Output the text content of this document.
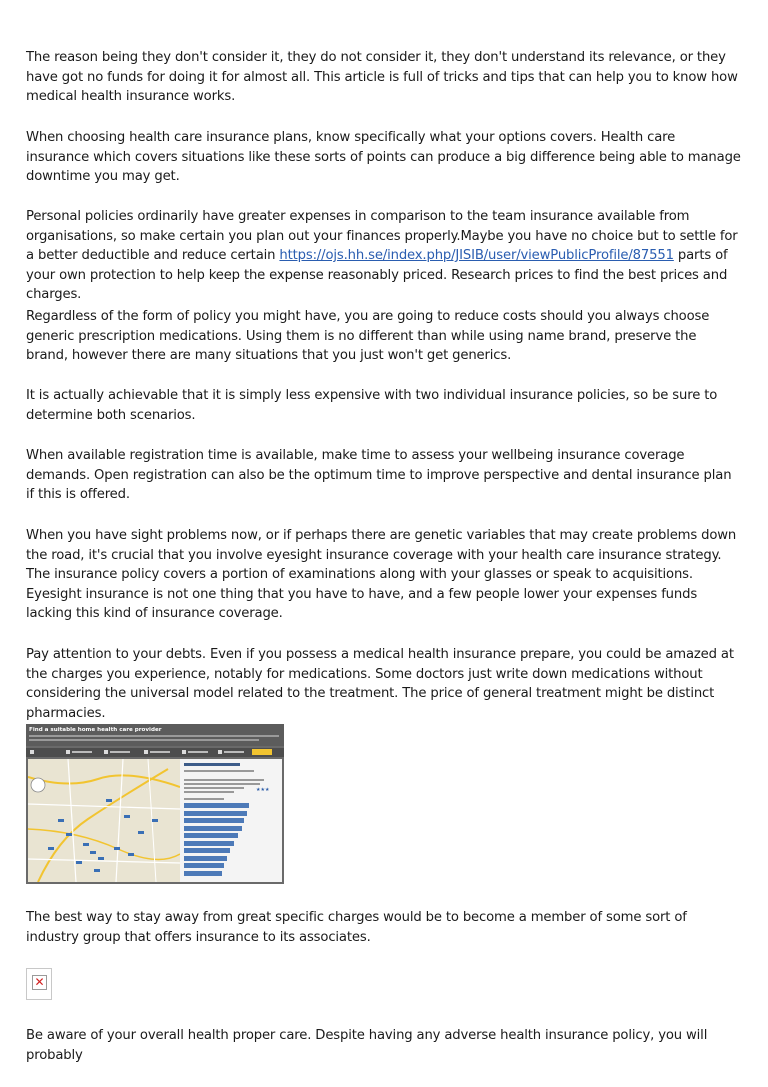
The reason being they don't consider it, they do not consider it, they don't understand its relevance, or they have got no funds for doing it for almost all. This article is full of tricks and tips that can help you to know how medical health insurance works.

When choosing health care insurance plans, know specifically what your options covers. Health care insurance which covers situations like these sorts of points can produce a big difference being able to manage downtime you may get.

Personal policies ordinarily have greater expenses in comparison to the team insurance available from organisations, so make certain you plan out your finances properly.Maybe you have no choice but to settle for a better deductible and reduce certain https://ojs.hh.se/index.php/JISIB/user/viewPublicProfile/87551 parts of your own protection to help keep the expense reasonably priced. Research prices to find the best prices and charges.

Regardless of the form of policy you might have, you are going to reduce costs should you always choose generic prescription medications. Using them is no different than while using name brand, preserve the brand, however there are many situations that you just won't get generics.

It is actually achievable that it is simply less expensive with two individual insurance policies, so be sure to determine both scenarios.

When available registration time is available, make time to assess your wellbeing insurance coverage demands. Open registration can also be the optimum time to improve perspective and dental insurance plan if this is offered.

When you have sight problems now, or if perhaps there are genetic variables that may create problems down the road, it's crucial that you involve eyesight insurance coverage with your health care insurance strategy. The insurance policy covers a portion of examinations along with your glasses or speak to acquisitions. Eyesight insurance is not one thing that you have to have, and a few people lower your expenses funds lacking this kind of insurance coverage.

Pay attention to your debts. Even if you possess a medical health insurance prepare, you could be amazed at the charges you experience, notably for medications. Some doctors just write down medications without considering the universal model related to the treatment. The price of general treatment might be distinct pharmacies.

Find a suitable home health care provider
★★★

The best way to stay away from great specific charges would be to become a member of some sort of industry group that offers insurance to its associates.

✕

Be aware of your overall health proper care. Despite having any adverse health insurance policy, you will probably
